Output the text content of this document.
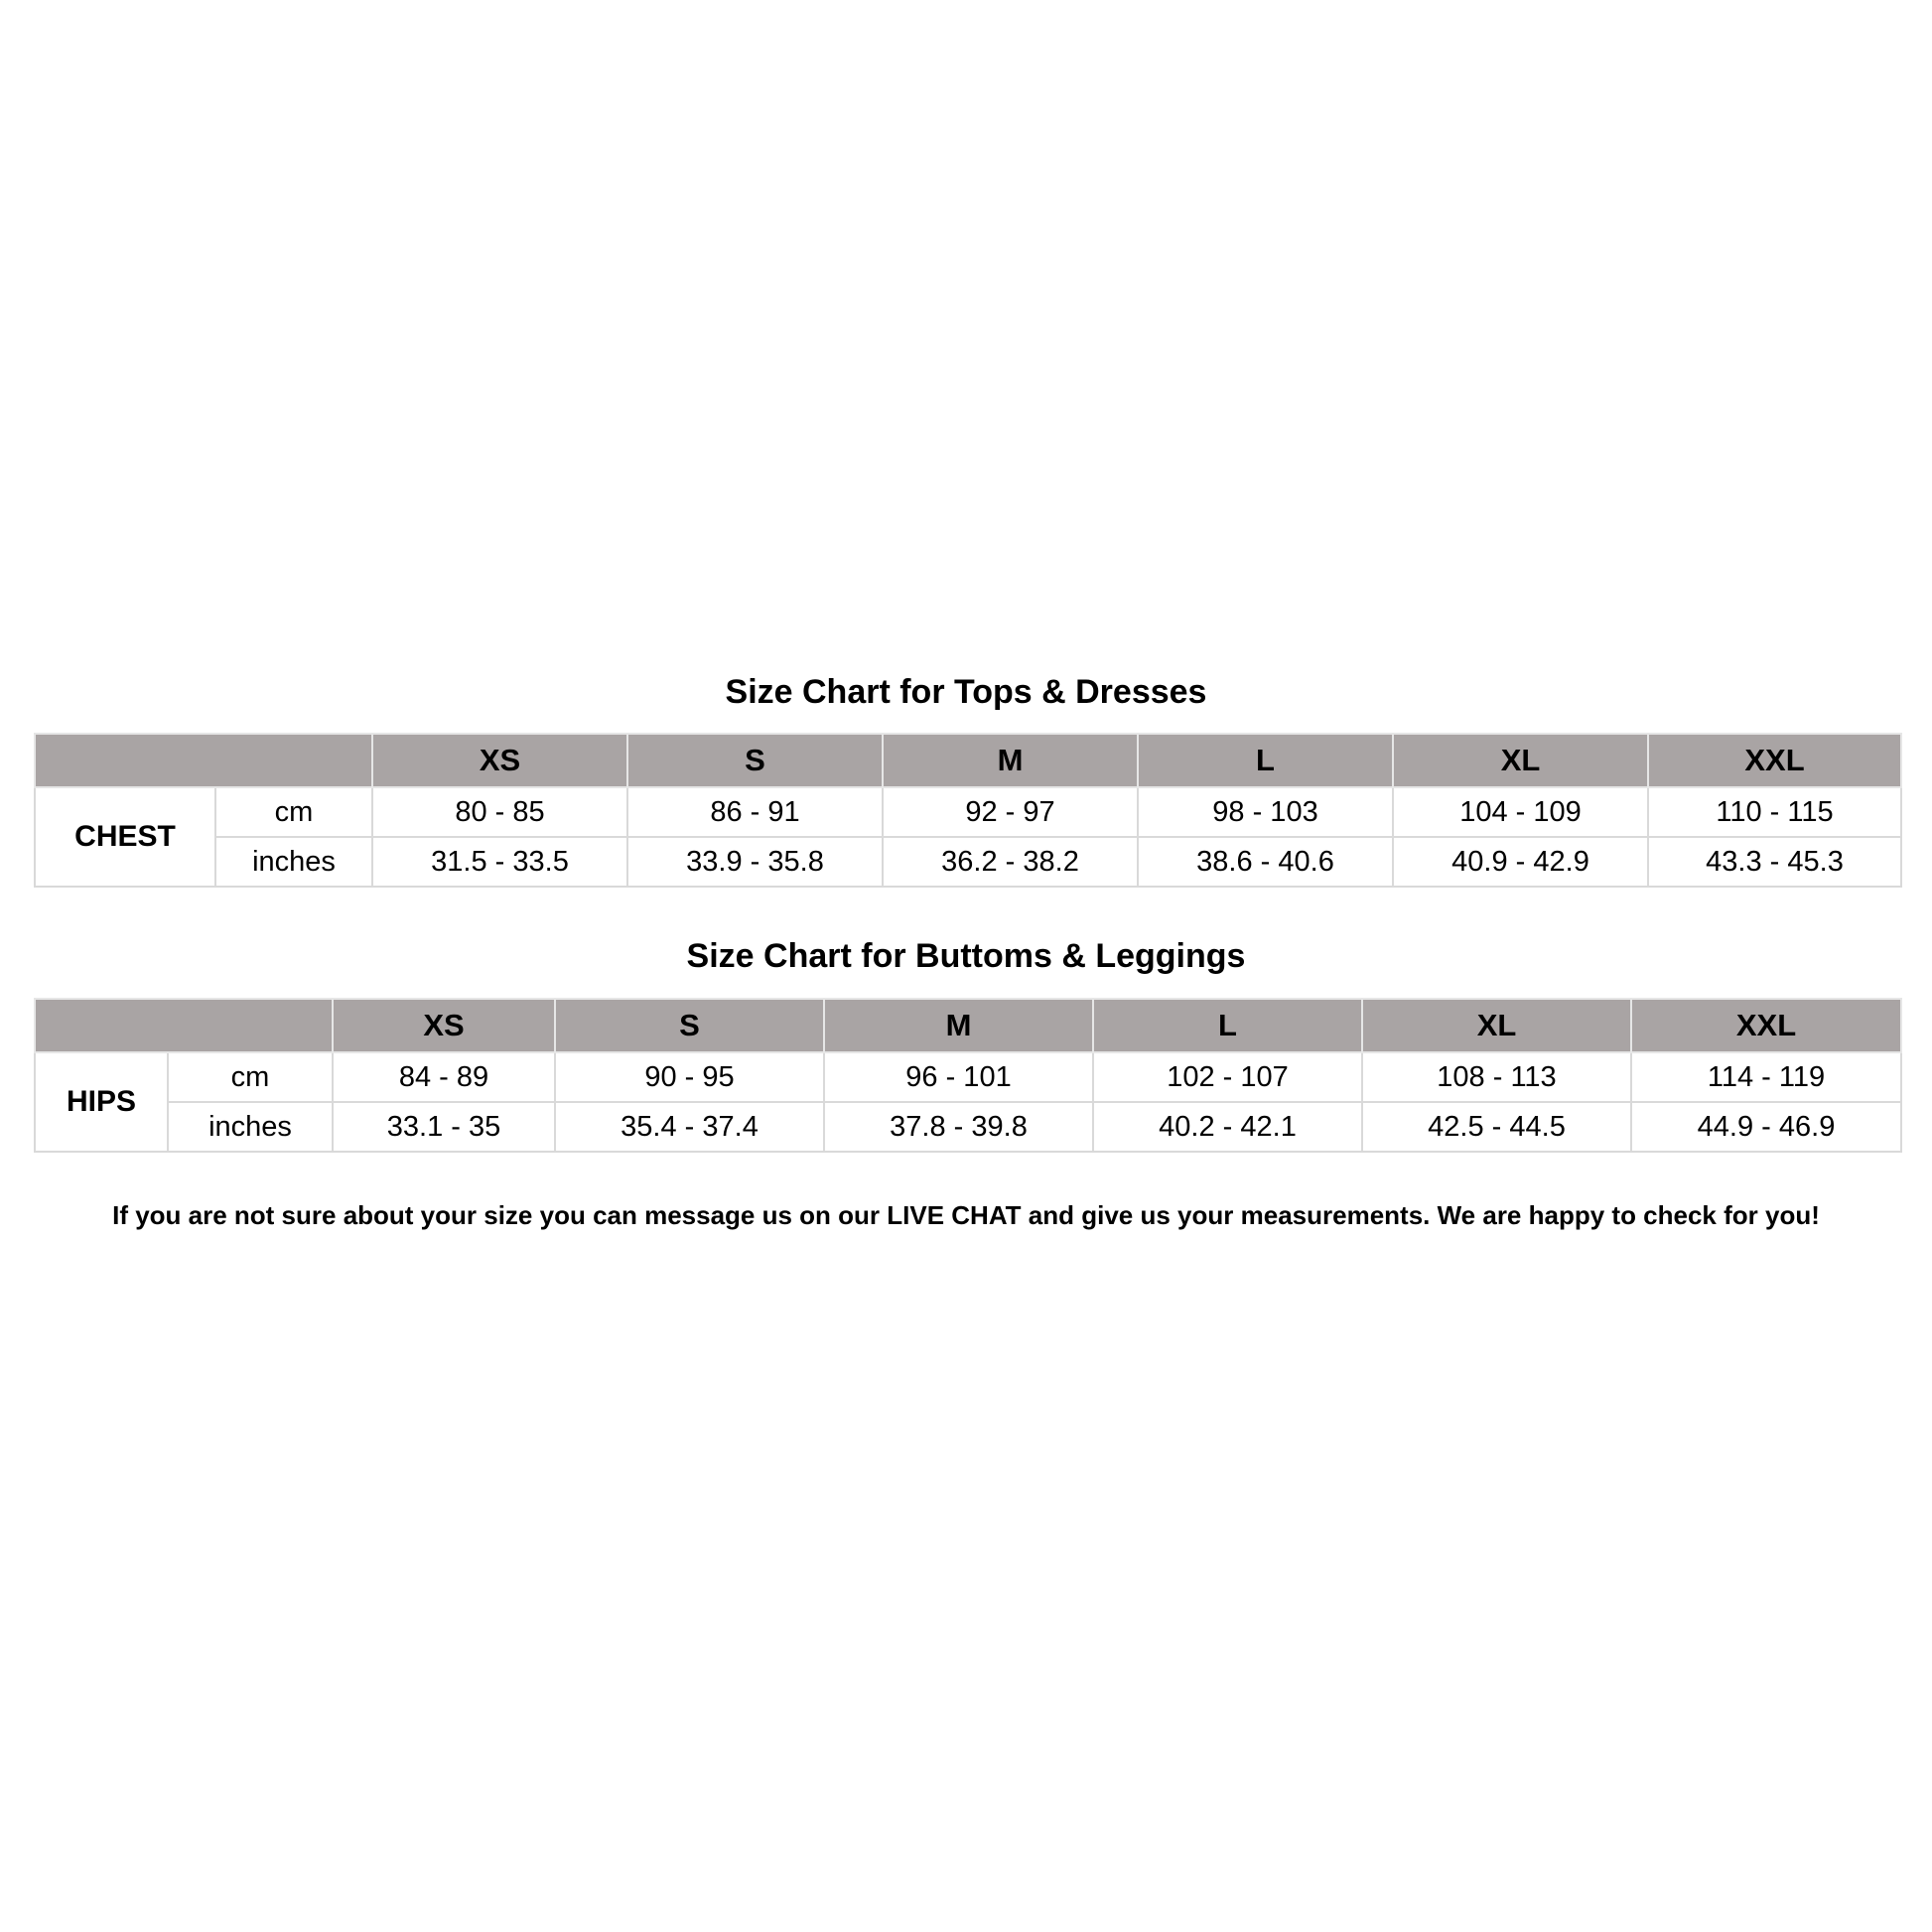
Size Chart for Tops & Dresses
		XS	S	M	L	XL	XXL
CHEST	cm	80 - 85	86 - 91	92 - 97	98 - 103	104 - 109	110 - 115
	inches	31.5 - 33.5	33.9 - 35.8	36.2 - 38.2	38.6 - 40.6	40.9 - 42.9	43.3 - 45.3
Size Chart for Buttoms & Leggings
		XS	S	M	L	XL	XXL
HIPS	cm	84 - 89	90 - 95	96 - 101	102 - 107	108 - 113	114 - 119
	inches	33.1 - 35	35.4 - 37.4	37.8 - 39.8	40.2 - 42.1	42.5 - 44.5	44.9 - 46.9

If you are not sure about your size you can message us on our LIVE CHAT and give us your measurements. We are happy to check for you!
